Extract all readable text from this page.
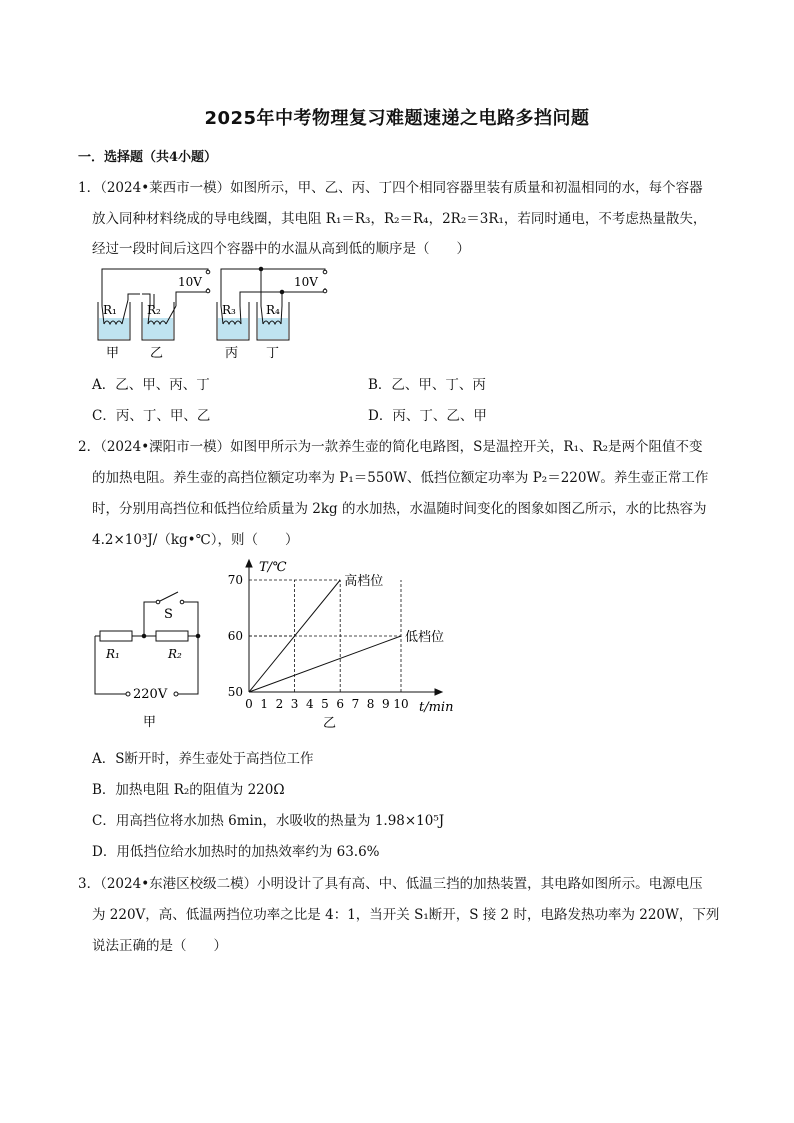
2025年中考物理复习难题速递之电路多挡问题
一．选择题（共4小题）
1．（2024•莱西市一模）如图所示，甲、乙、丙、丁四个相同容器里装有质量和初温相同的水，每个容器
放入同种材料绕成的导电线圈，其电阻 R₁＝R₃，R₂＝R₄，2R₂＝3R₁，若同时通电，不考虑热量散失，
经过一段时间后这四个容器中的水温从高到低的顺序是（　　）
10V	10V
R₁	R₂	R₃	R₄
甲 乙	丙 丁
A．乙、甲、丙、丁	B．乙、甲、丁、丙
C．丙、丁、甲、乙	D．丙、丁、乙、甲
2．（2024•溧阳市一模）如图甲所示为一款养生壶的简化电路图，S是温控开关，R₁、R₂是两个阻值不变
的加热电阻。养生壶的高挡位额定功率为 P₁＝550W、低挡位额定功率为 P₂＝220W。养生壶正常工作
时，分别用高挡位和低挡位给质量为 2kg 的水加热，水温随时间变化的图象如图乙所示，水的比热容为
4.2×10³J/（kg•℃），则（　　）
S
R₁	R₂
220V
甲
0 1 2 3 4 5 6 7 8 9 10
50
60
70	高档位
低档位
T/℃
t/min
乙
A．S断开时，养生壶处于高挡位工作
B．加热电阻 R₂的阻值为 220Ω
C．用高挡位将水加热 6min，水吸收的热量为 1.98×10⁵J
D．用低挡位给水加热时的加热效率约为 63.6%
3．（2024•东港区校级二模）小明设计了具有高、中、低温三挡的加热装置，其电路如图所示。电源电压
为 220V，高、低温两挡位功率之比是 4：1，当开关 S₁断开，S 接 2 时，电路发热功率为 220W，下列
说法正确的是（　　）
